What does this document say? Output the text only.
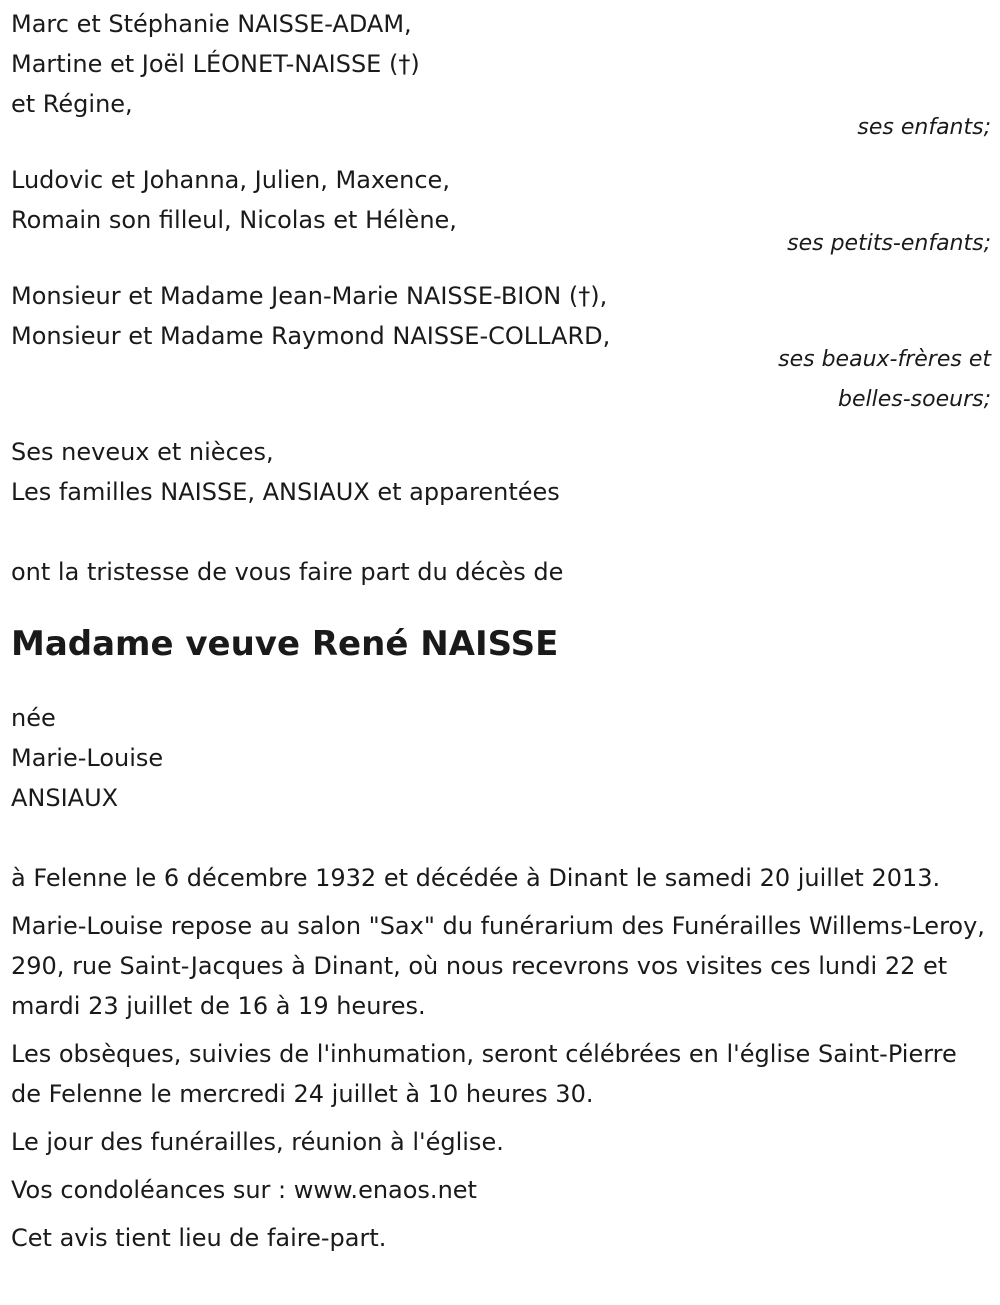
Marc et Stéphanie NAISSE-ADAM,
Martine et Joël LÉONET-NAISSE (†)
et Régine,
ses enfants;
Ludovic et Johanna, Julien, Maxence,
Romain son filleul, Nicolas et Hélène,
ses petits-enfants;
Monsieur et Madame Jean-Marie NAISSE-BION (†),
Monsieur et Madame Raymond NAISSE-COLLARD,
ses beaux-frères et
belles-soeurs;
Ses neveux et nièces,
Les familles NAISSE, ANSIAUX et apparentées
ont la tristesse de vous faire part du décès de
Madame veuve René NAISSE
née
Marie-Louise
ANSIAUX
à Felenne le 6 décembre 1932 et décédée à Dinant le samedi 20 juillet 2013.
Marie-Louise repose au salon "Sax" du funérarium des Funérailles Willems-Leroy, 290, rue Saint-Jacques à Dinant, où nous recevrons vos visites ces lundi 22 et mardi 23 juillet de 16 à 19 heures.
Les obsèques, suivies de l'inhumation, seront célébrées en l'église Saint-Pierre de Felenne le mercredi 24 juillet à 10 heures 30.
Le jour des funérailles, réunion à l'église.
Vos condoléances sur : www.enaos.net
Cet avis tient lieu de faire-part.
